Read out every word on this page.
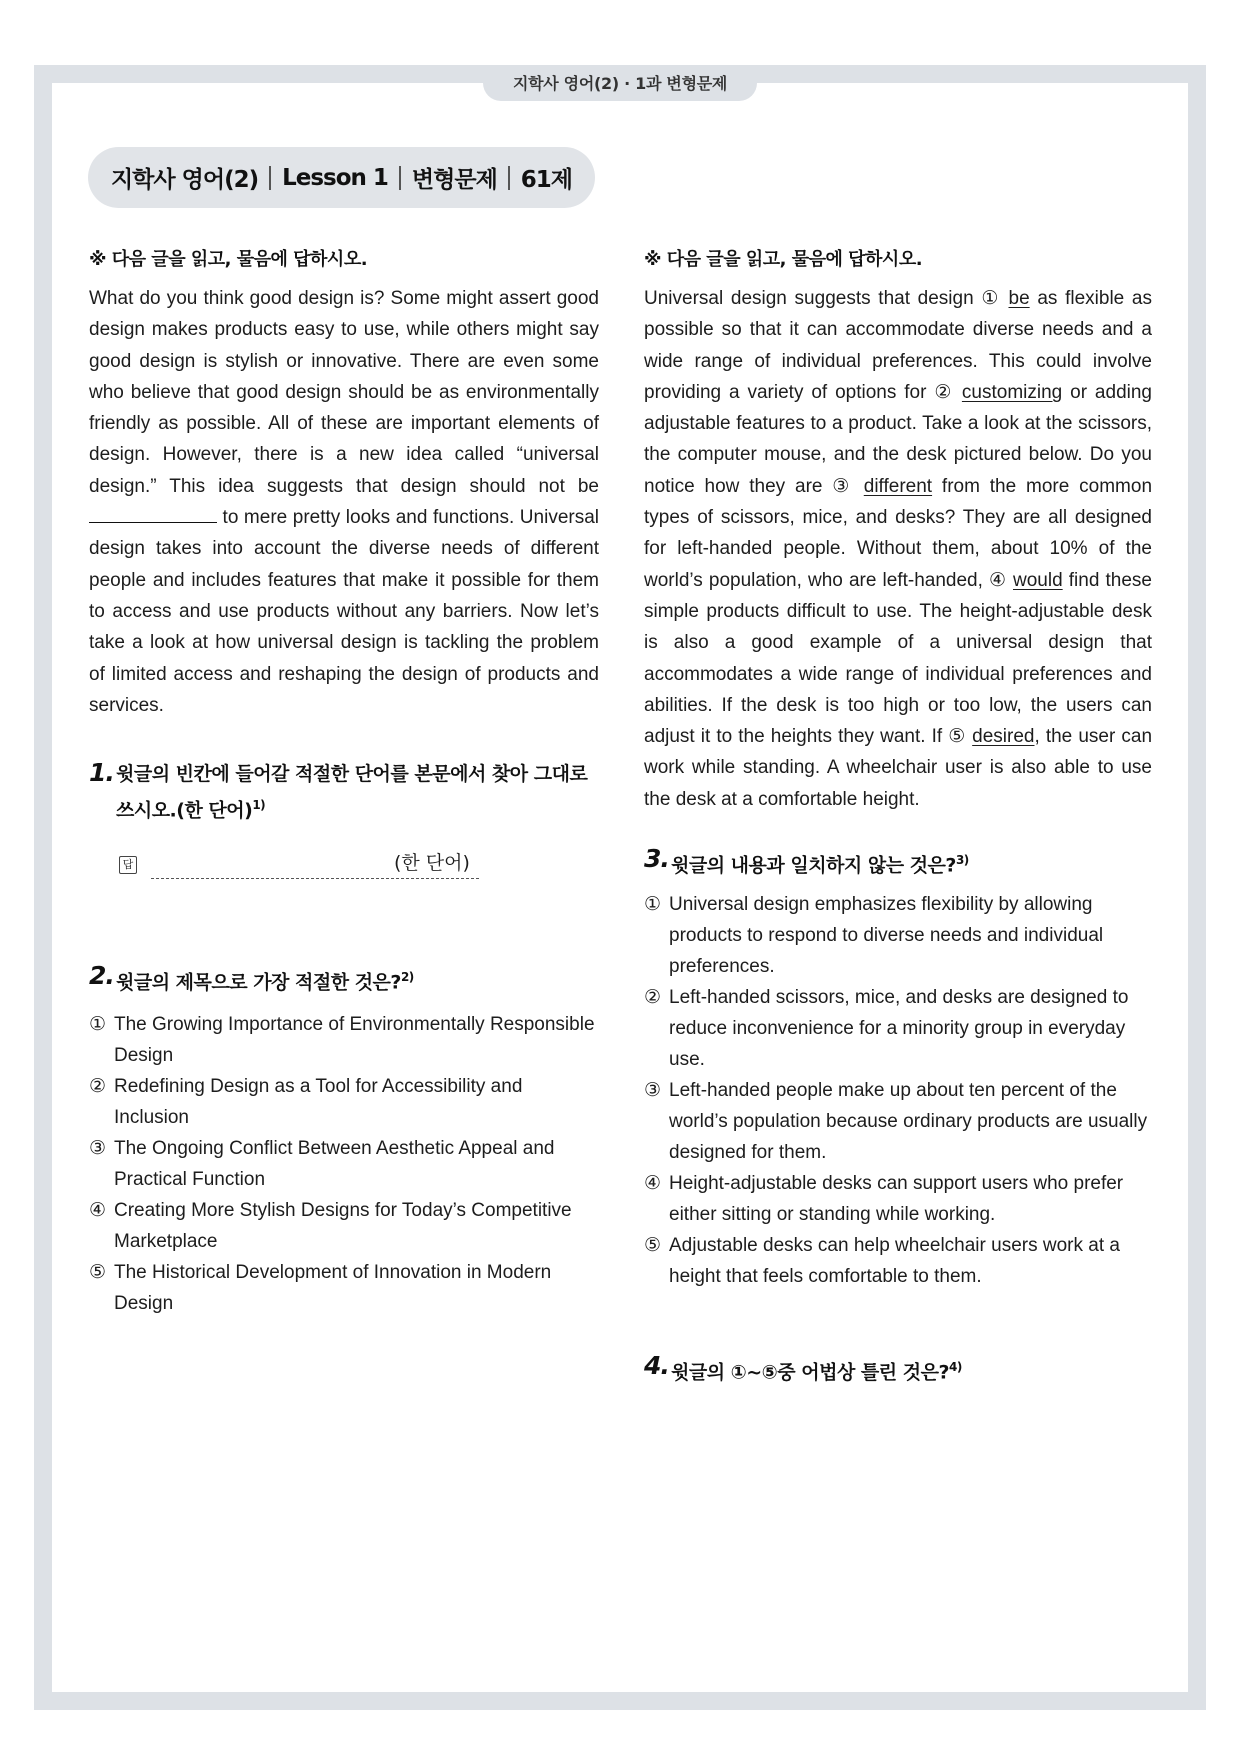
지학사 영어(2) · 1과 변형문제
지학사 영어(2) Lesson 1 변형문제 61제
※ 다음 글을 읽고, 물음에 답하시오.

What do you think good design is? Some might assert good design makes products easy to use, while others might say good design is stylish or innovative. There are even some who believe that good design should be as environmentally friendly as possible. All of these are important elements of design. However, there is a new idea called “universal design.” This idea suggests that design should not be  to mere pretty looks and functions. Universal design takes into account the diverse needs of different people and includes features that make it possible for them to access and use products without any barriers. Now let’s take a look at how universal design is tackling the problem of limited access and reshaping the design of products and services.

1. 윗글의 빈칸에 들어갈 적절한 단어를 본문에서 찾아 그대로 쓰시오.(한 단어)$^{1)}$
답	(한 단어)
2. 윗글의 제목으로 가장 적절한 것은?$^{2)}$
① The Growing Importance of Environmentally Responsible Design
② Redefining Design as a Tool for Accessibility and Inclusion
③ The Ongoing Conflict Between Aesthetic Appeal and Practical Function
④ Creating More Stylish Designs for Today’s Competitive Marketplace
⑤ The Historical Development of Innovation in Modern Design
※ 다음 글을 읽고, 물음에 답하시오.

Universal design suggests that design ① be as flexible as possible so that it can accommodate diverse needs and a wide range of individual preferences. This could involve providing a variety of options for ② customizing or adding adjustable features to a product. Take a look at the scissors, the computer mouse, and the desk pictured below. Do you notice how they are ③ different from the more common types of scissors, mice, and desks? They are all designed for left-handed people. Without them, about 10% of the world’s population, who are left-handed, ④ would find these simple products difficult to use. The height-adjustable desk is also a good example of a universal design that accommodates a wide range of individual preferences and abilities. If the desk is too high or too low, the users can adjust it to the heights they want. If ⑤ desired, the user can work while standing. A wheelchair user is also able to use the desk at a comfortable height.

3. 윗글의 내용과 일치하지 않는 것은?$^{3)}$
① Universal design emphasizes flexibility by allowing products to respond to diverse needs and individual preferences.
② Left-handed scissors, mice, and desks are designed to reduce inconvenience for a minority group in everyday use.
③ Left-handed people make up about ten percent of the world’s population because ordinary products are usually designed for them.
④ Height-adjustable desks can support users who prefer either sitting or standing while working.
⑤ Adjustable desks can help wheelchair users work at a height that feels comfortable to them.
4. 윗글의 ①~⑤중 어법상 틀린 것은?$^{4)}$
